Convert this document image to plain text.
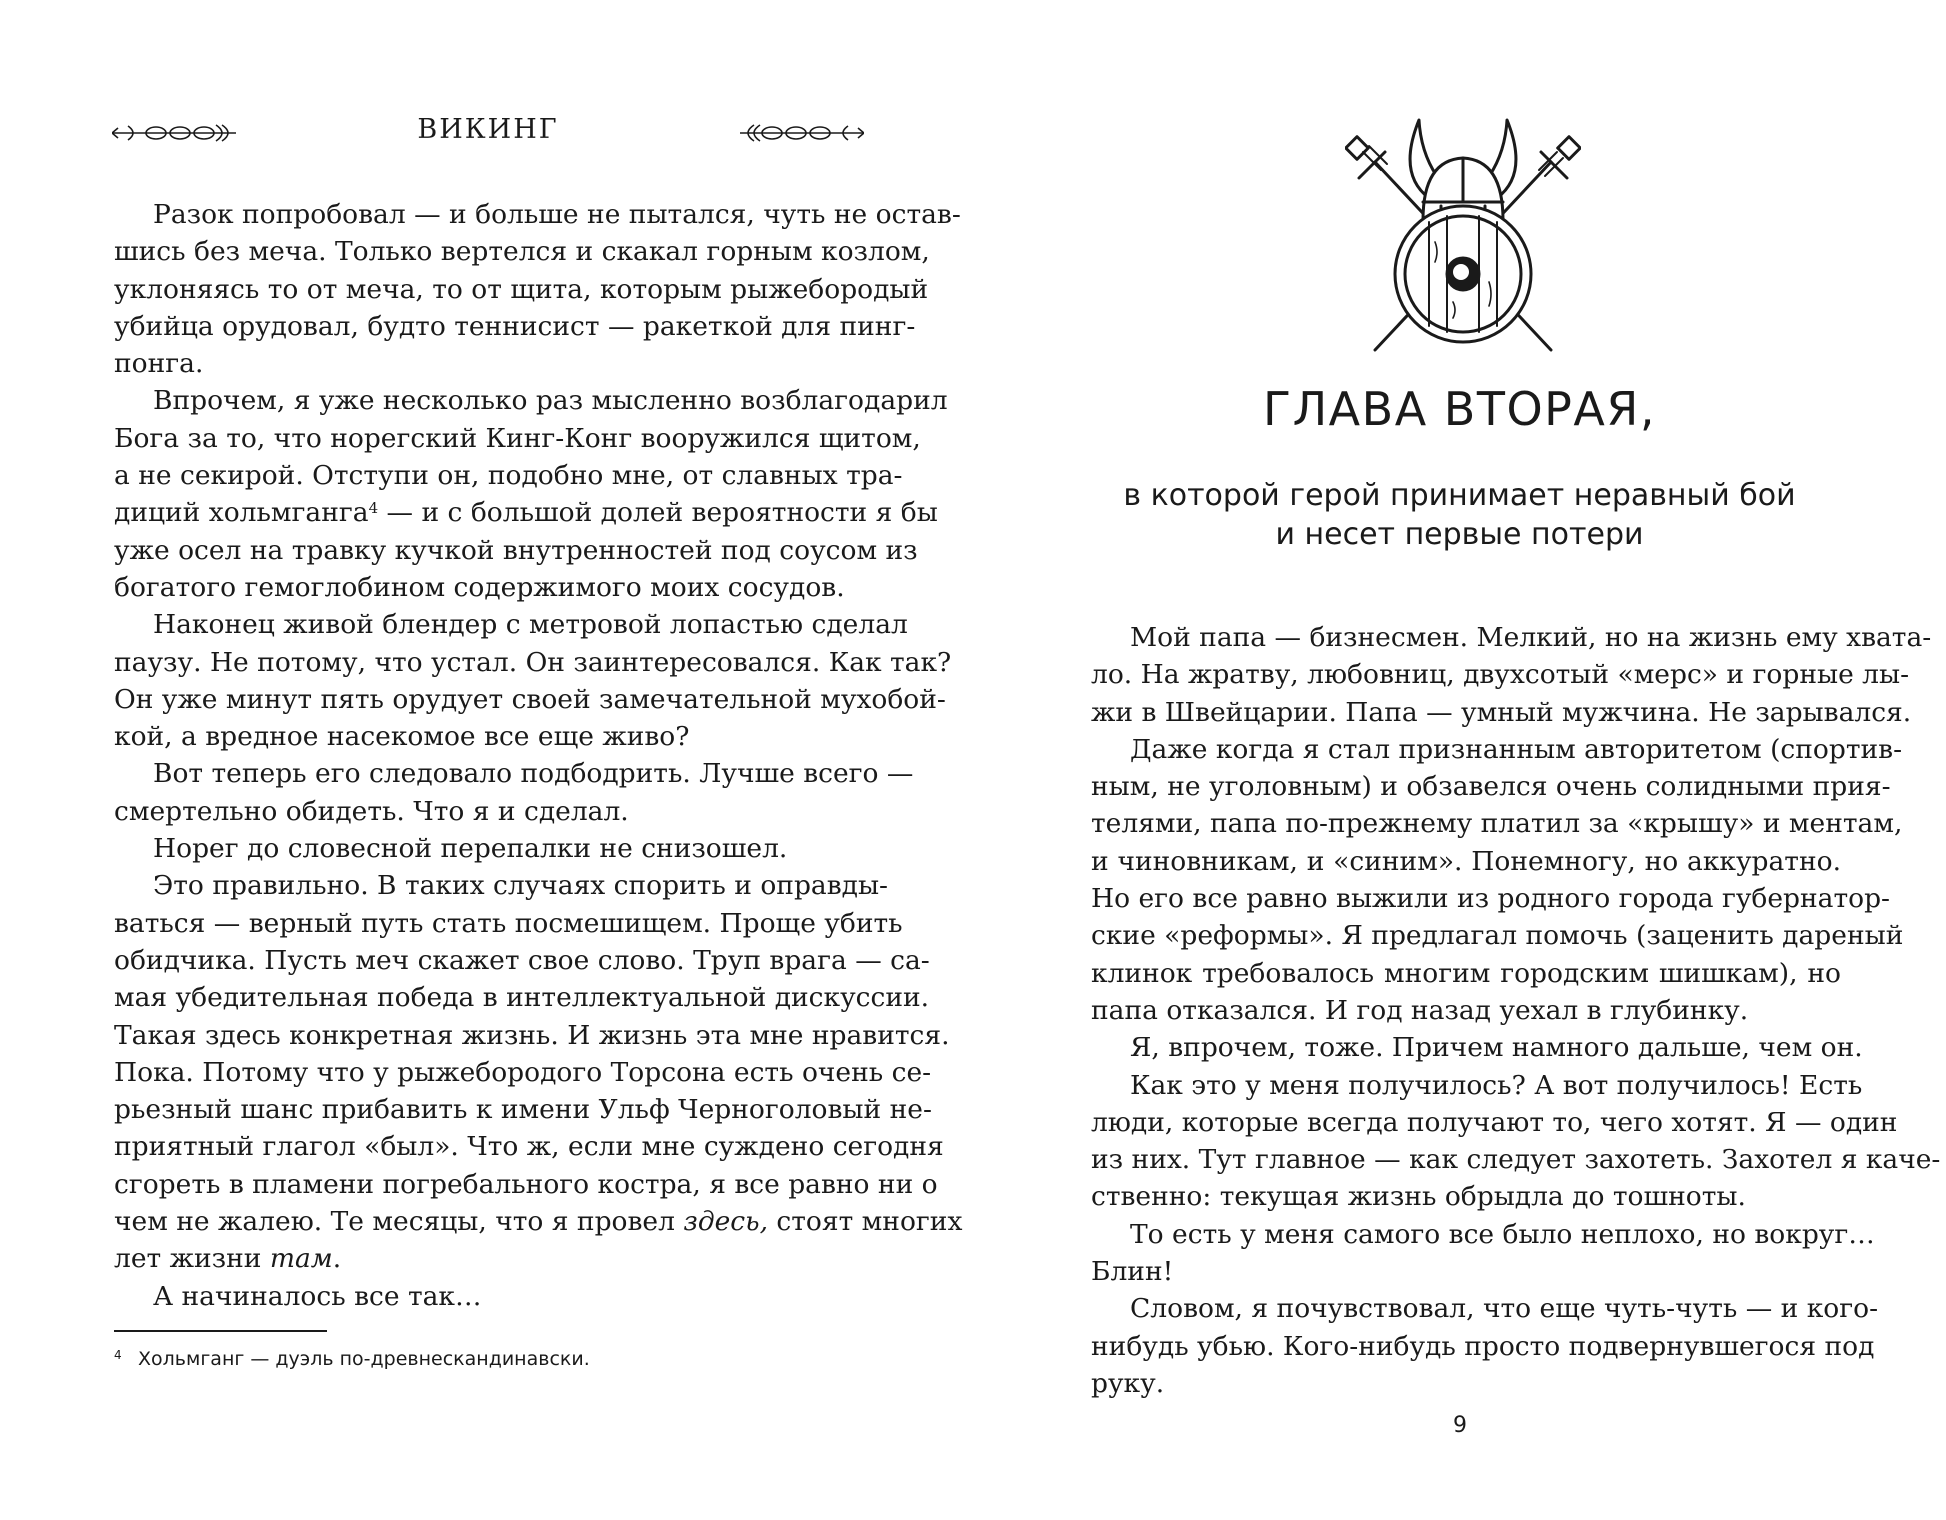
ВИКИНГ
Разок попробовал — и больше не пытался, чуть не остав-
шись без меча. Только вертелся и скакал горным козлом,
уклоняясь то от меча, то от щита, которым рыжебородый
убийца орудовал, будто теннисист — ракеткой для пинг-
понга.
Впрочем, я уже несколько раз мысленно возблагодарил
Бога за то, что норегский Кинг-Конг вооружился щитом,
а не секирой. Отступи он, подобно мне, от славных тра-
диций хольмганга$^4$ — и с большой долей вероятности я бы
уже осел на травку кучкой внутренностей под соусом из
богатого гемоглобином содержимого моих сосудов.
Наконец живой блендер с метровой лопастью сделал
паузу. Не потому, что устал. Он заинтересовался. Как так?
Он уже минут пять орудует своей замечательной мухобой-
кой, а вредное насекомое все еще живо?
Вот теперь его следовало подбодрить. Лучше всего —
смертельно обидеть. Что я и сделал.
Норег до словесной перепалки не снизошел.
Это правильно. В таких случаях спорить и оправды-
ваться — верный путь стать посмешищем. Проще убить
обидчика. Пусть меч скажет свое слово. Труп врага — са-
мая убедительная победа в интеллектуальной дискуссии.
Такая здесь конкретная жизнь. И жизнь эта мне нравится.
Пока. Потому что у рыжебородого Торсона есть очень се-
рьезный шанс прибавить к имени Ульф Черноголовый не-
приятный глагол «был». Что ж, если мне суждено сегодня
сгореть в пламени погребального костра, я все равно ни о
чем не жалею. Те месяцы, что я провел здесь, стоят многих
лет жизни там.
А начиналось все так…
4 Хольмганг — дуэль по-древнескандинавски.
ГЛАВА ВТОРАЯ,
в которой герой принимает неравный бой
и несет первые потери
Мой папа — бизнесмен. Мелкий, но на жизнь ему хвата-
ло. На жратву, любовниц, двухсотый «мерс» и горные лы-
жи в Швейцарии. Папа — умный мужчина. Не зарывался.
Даже когда я стал признанным авторитетом (спортив-
ным, не уголовным) и обзавелся очень солидными прия-
телями, папа по-прежнему платил за «крышу» и ментам,
и чиновникам, и «синим». Понемногу, но аккуратно.
Но его все равно выжили из родного города губернатор-
ские «реформы». Я предлагал помочь (заценить дареный
клинок требовалось многим городским шишкам), но
папа отказался. И год назад уехал в глубинку.
Я, впрочем, тоже. Причем намного дальше, чем он.
Как это у меня получилось? А вот получилось! Есть
люди, которые всегда получают то, чего хотят. Я — один
из них. Тут главное — как следует захотеть. Захотел я каче-
ственно: текущая жизнь обрыдла до тошноты.
То есть у меня самого все было неплохо, но вокруг…
Блин!
Словом, я почувствовал, что еще чуть-чуть — и кого-
нибудь убью. Кого-нибудь просто подвернувшегося под
руку.
9
